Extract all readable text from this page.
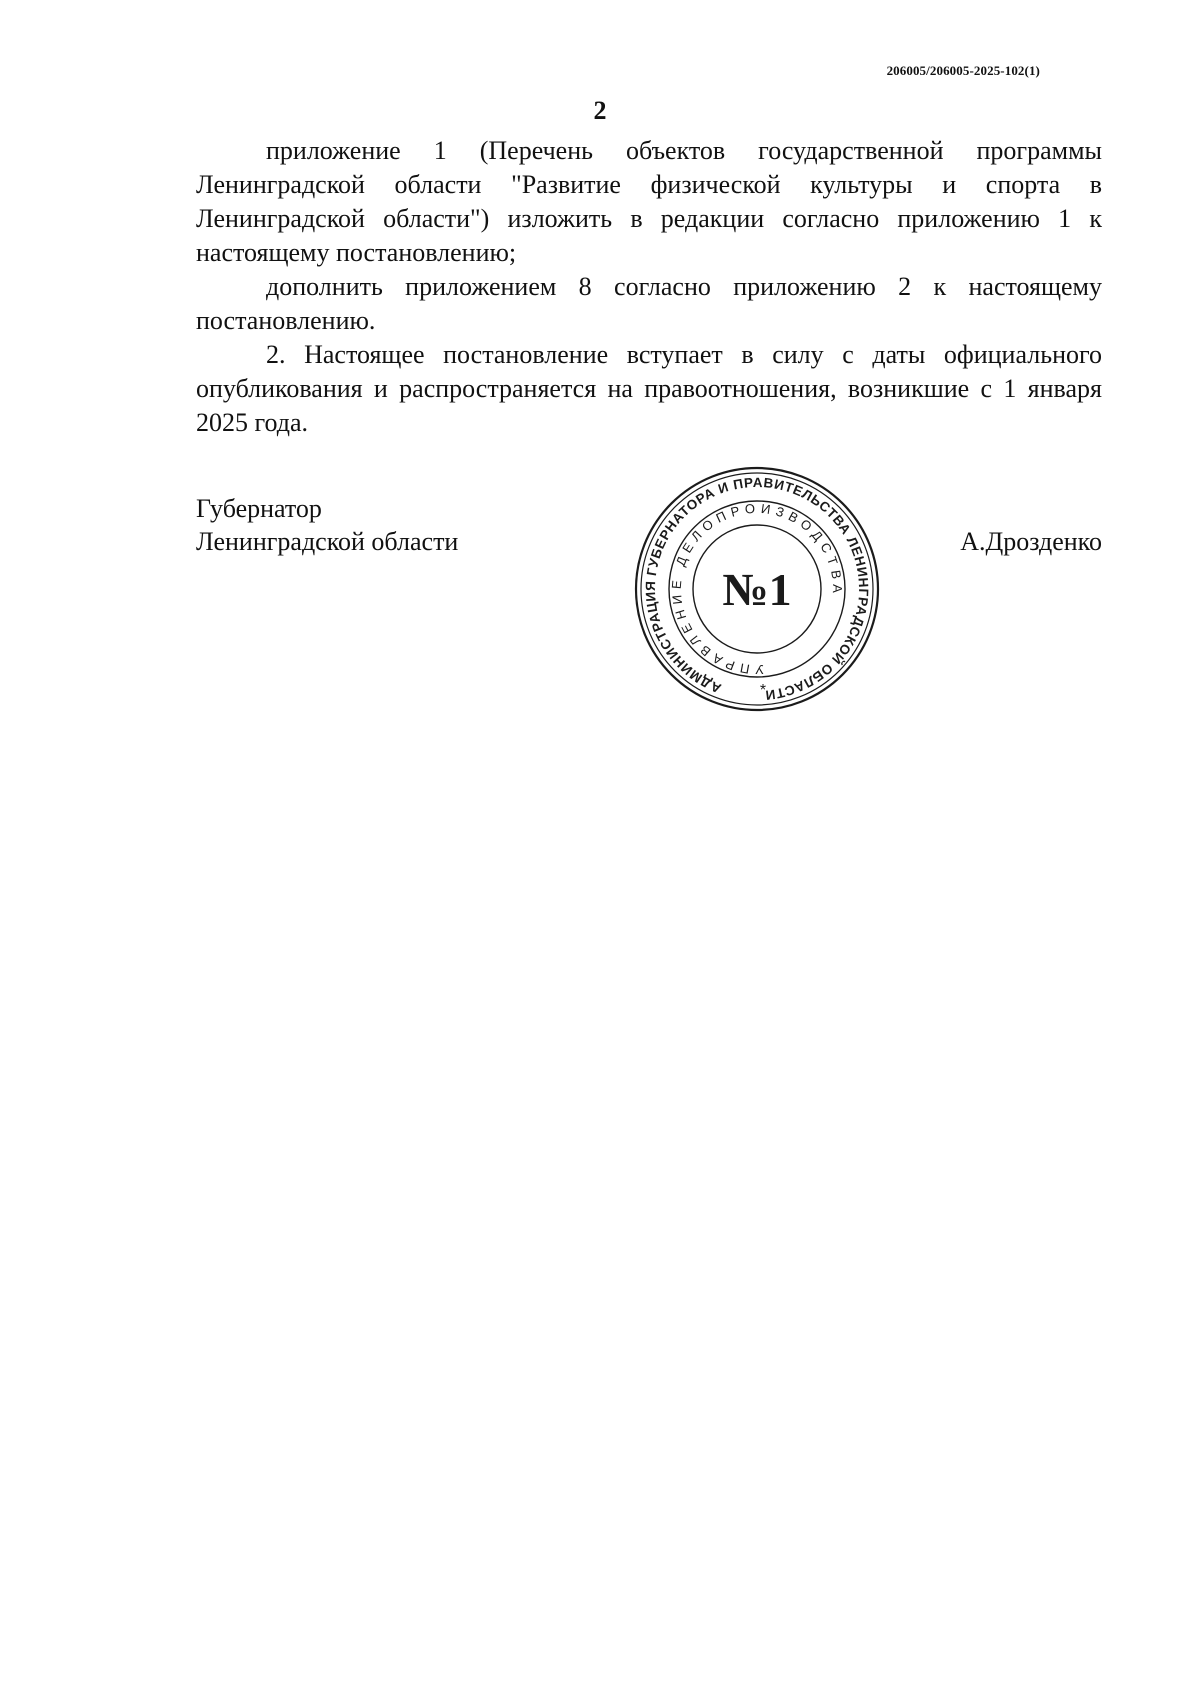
206005/206005-2025-102(1)
2

приложение 1 (Перечень объектов государственной программы Ленинградской области "Развитие физической культуры и спорта в Ленинградской области") изложить в редакции согласно приложению 1 к настоящему постановлению;

дополнить приложением 8 согласно приложению 2 к настоящему постановлению.

2. Настоящее постановление вступает в силу с даты официального опубликования и распространяется на правоотношения, возникшие с 1 января 2025 года.

Губернатор
Ленинградской области	А.Дрозденко
АДМИНИСТРАЦИЯ ГУБЕРНАТОРА И ПРАВИТЕЛЬСТВА ЛЕНИНГРАДСКОЙ ОБЛАСТИ
УПРАВЛЕНИЕ ДЕЛОПРОИЗВОДСТВА
№1
*
